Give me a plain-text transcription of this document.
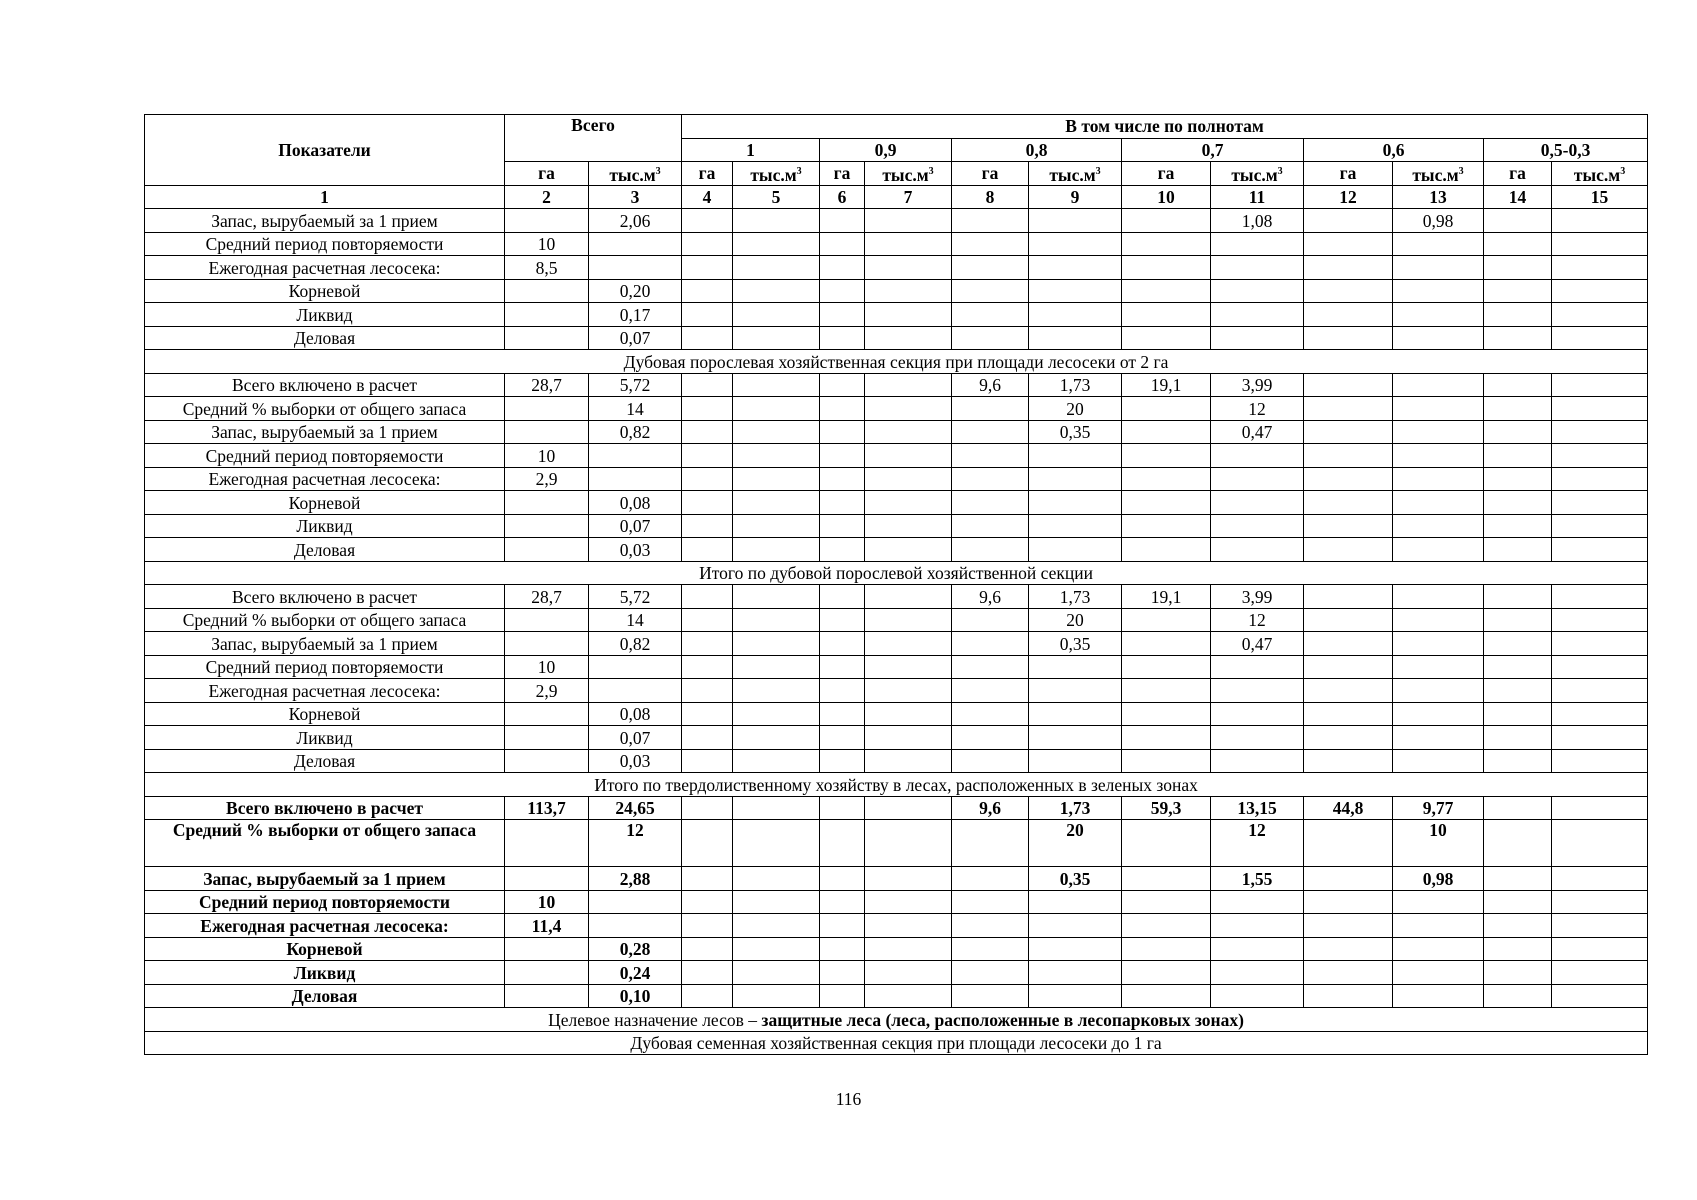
Показатели	Всего		В том числе по полнотам											
			1		0,9		0,8		0,7		0,6		0,5-0,3	
	га	$тыс.м^3$	га	$тыс.м^3$	га	$тыс.м^3$	га	$тыс.м^3$	га	$тыс.м^3$	га	$тыс.м^3$	га	$тыс.м^3$
1	2	3	4	5	6	7	8	9	10	11	12	13	14	15
Запас, вырубаемый за 1 прием		2,06								1,08		0,98		
Средний период повторяемости	10													
Ежегодная расчетная лесосека:	8,5													
Корневой		0,20												
Ликвид		0,17												
Деловая		0,07												
Дубовая порослевая хозяйственная секция при площади лесосеки от 2 га														
Всего включено в расчет	28,7	5,72					9,6	1,73	19,1	3,99				
Средний % выборки от общего запаса		14						20		12				
Запас, вырубаемый за 1 прием		0,82						0,35		0,47				
Средний период повторяемости	10													
Ежегодная расчетная лесосека:	2,9													
Корневой		0,08												
Ликвид		0,07												
Деловая		0,03												
Итого по дубовой порослевой хозяйственной секции														
Всего включено в расчет	28,7	5,72					9,6	1,73	19,1	3,99				
Средний % выборки от общего запаса		14						20		12				
Запас, вырубаемый за 1 прием		0,82						0,35		0,47				
Средний период повторяемости	10													
Ежегодная расчетная лесосека:	2,9													
Корневой		0,08												
Ликвид		0,07												
Деловая		0,03												
Итого по твердолиственному хозяйству в лесах, расположенных в зеленых зонах														
Всего включено в расчет	113,7	24,65					9,6	1,73	59,3	13,15	44,8	9,77		
Средний % выборки от общего запаса		12						20		12		10		
Запас, вырубаемый за 1 прием		2,88						0,35		1,55		0,98		
Средний период повторяемости	10													
Ежегодная расчетная лесосека:	11,4													
Корневой		0,28												
Ликвид		0,24												
Деловая		0,10												
Целевое назначение лесов – защитные леса (леса, расположенные в лесопарковых зонах)														
Дубовая семенная хозяйственная секция при площади лесосеки до 1 га														
116
